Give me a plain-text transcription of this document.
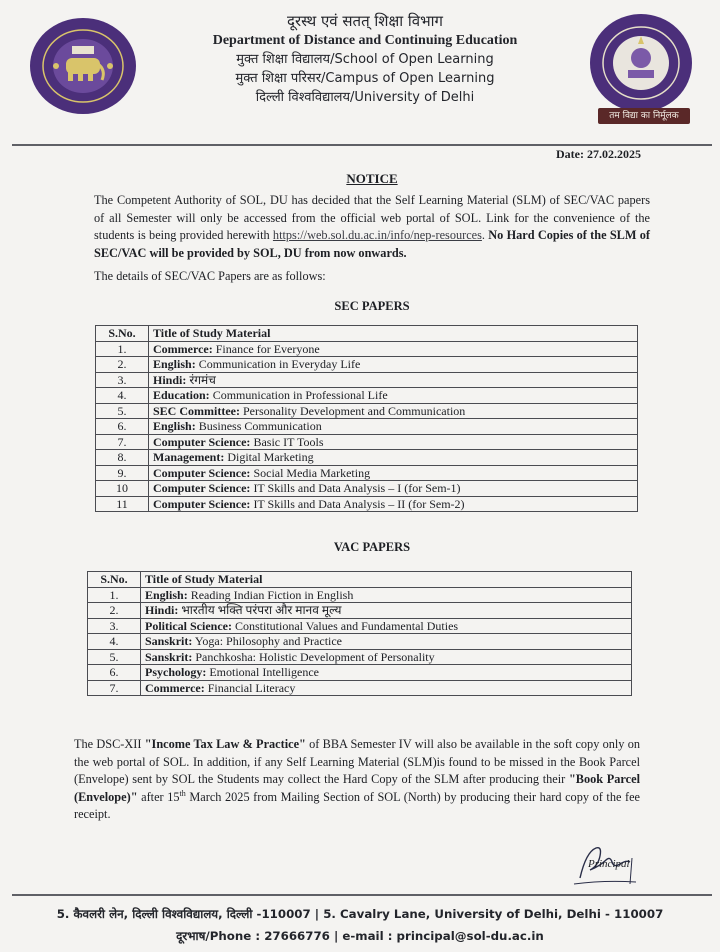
दूरस्थ एवं सतत् शिक्षा विभाग
Department of Distance and Continuing Education
मुक्त शिक्षा विद्यालय/School of Open Learning
मुक्त शिक्षा परिसर/Campus of Open Learning
दिल्ली विश्वविद्यालय/University of Delhi
तम विद्या का निर्मूलक
Date: 27.02.2025
NOTICE
The Competent Authority of SOL, DU has decided that the Self Learning Material (SLM) of SEC/VAC papers of all Semester will only be accessed from the official web portal of SOL. Link for the convenience of the students is being provided herewith https://web.sol.du.ac.in/info/nep-resources. No Hard Copies of the SLM of SEC/VAC will be provided by SOL, DU from now onwards.
The details of SEC/VAC Papers are as follows:
SEC PAPERS
S.No.	Title of Study Material
1.	Commerce: Finance for Everyone
2.	English: Communication in Everyday Life
3.	Hindi: रंगमंच
4.	Education: Communication in Professional Life
5.	SEC Committee: Personality Development and Communication
6.	English: Business Communication
7.	Computer Science: Basic IT Tools
8.	Management: Digital Marketing
9.	Computer Science: Social Media Marketing
10	Computer Science: IT Skills and Data Analysis – I (for Sem-1)
11	Computer Science: IT Skills and Data Analysis – II (for Sem-2)
VAC PAPERS
S.No.	Title of Study Material
1.	English: Reading Indian Fiction in English
2.	Hindi: भारतीय भक्ति परंपरा और मानव मूल्य
3.	Political Science: Constitutional Values and Fundamental Duties
4.	Sanskrit: Yoga: Philosophy and Practice
5.	Sanskrit: Panchkosha: Holistic Development of Personality
6.	Psychology: Emotional Intelligence
7.	Commerce: Financial Literacy
The DSC-XII "Income Tax Law & Practice" of BBA Semester IV will also be available in the soft copy only on the web portal of SOL. In addition, if any Self Learning Material (SLM)is found to be missed in the Book Parcel (Envelope) sent by SOL the Students may collect the Hard Copy of the SLM after producing their "Book Parcel (Envelope)" after 15th March 2025 from Mailing Section of SOL (North) by producing their hard copy of the fee receipt.
Principal
5. कैवलरी लेन, दिल्ली विश्वविद्यालय, दिल्ली -110007 | 5. Cavalry Lane, University of Delhi, Delhi - 110007
दूरभाष/Phone : 27666776 | e-mail : principal@sol-du.ac.in
